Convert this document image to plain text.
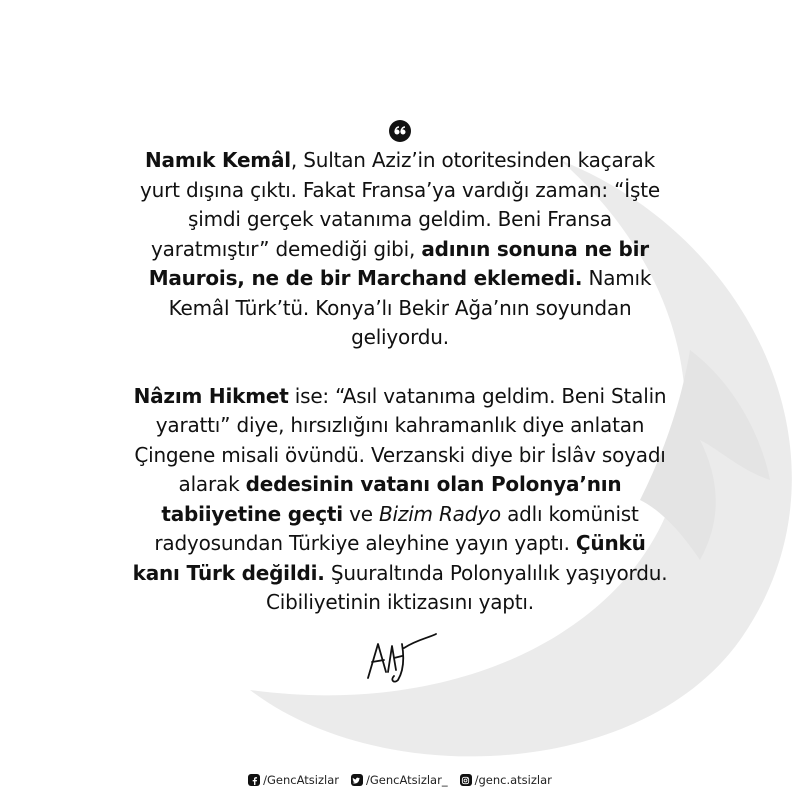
Namık Kemâl, Sultan Aziz’in otoritesinden kaçarak yurt dışına çıktı. Fakat Fransa’ya vardığı zaman: “İşte şimdi gerçek vatanıma geldim. Beni Fransa yaratmıştır” demediği gibi, adının sonuna ne bir Maurois, ne de bir Marchand eklemedi. Namık Kemâl Türk’tü. Konya’lı Bekir Ağa’nın soyundan geliyordu.

Nâzım Hikmet ise: “Asıl vatanıma geldim. Beni Stalin yarattı” diye, hırsızlığını kahramanlık diye anlatan Çingene misali övündü. Verzanski diye bir İslâv soyadı alarak dedesinin vatanı olan Polonya’nın tabiiyetine geçti ve Bizim Radyo adlı komünist radyosundan Türkiye aleyhine yayın yaptı. Çünkü kanı Türk değildi. Şuuraltında Polonyalılık yaşıyordu. Cibiliyetinin iktizasını yaptı.

/GencAtsizlar /GencAtsizlar_ /genc.atsizlar
